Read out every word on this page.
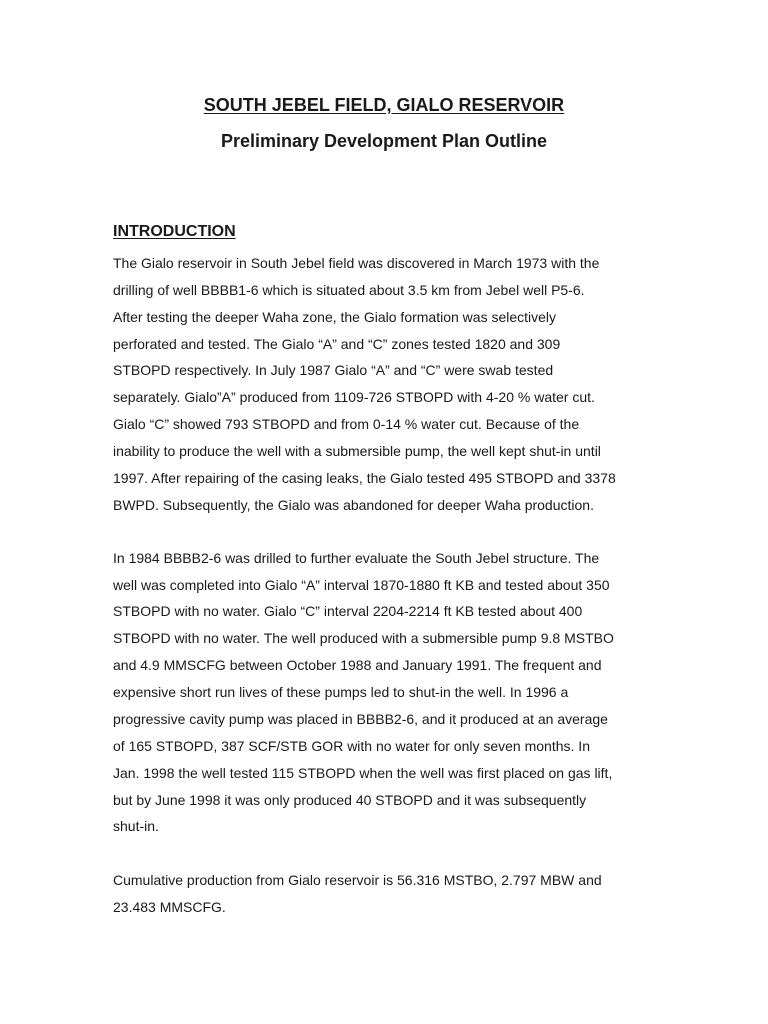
SOUTH JEBEL FIELD, GIALO RESERVOIR
Preliminary Development Plan Outline
INTRODUCTION

The Gialo reservoir in South Jebel field was discovered in March 1973 with the

drilling of well BBBB1-6 which is situated about 3.5 km from Jebel well P5-6.

After testing the deeper Waha zone, the Gialo formation was selectively

perforated and tested. The Gialo “A” and “C” zones tested 1820 and 309

STBOPD respectively. In July 1987 Gialo “A” and “C” were swab tested

separately. Gialo”A” produced from 1109-726 STBOPD with 4-20 % water cut.

Gialo “C” showed 793 STBOPD and from 0-14 % water cut. Because of the

inability to produce the well with a submersible pump, the well kept shut-in until

1997. After repairing of the casing leaks, the Gialo tested 495 STBOPD and 3378

BWPD. Subsequently, the Gialo was abandoned for deeper Waha production.

In 1984 BBBB2-6 was drilled to further evaluate the South Jebel structure. The

well was completed into Gialo “A” interval 1870-1880 ft KB and tested about 350

STBOPD with no water. Gialo “C” interval 2204-2214 ft KB tested about 400

STBOPD with no water. The well produced with a submersible pump 9.8 MSTBO

and 4.9 MMSCFG between October 1988 and January 1991. The frequent and

expensive short run lives of these pumps led to shut-in the well. In 1996 a

progressive cavity pump was placed in BBBB2-6, and it produced at an average

of 165 STBOPD, 387 SCF/STB GOR with no water for only seven months. In

Jan. 1998 the well tested 115 STBOPD when the well was first placed on gas lift,

but by June 1998 it was only produced 40 STBOPD and it was subsequently

shut-in.

Cumulative production from Gialo reservoir is 56.316 MSTBO, 2.797 MBW and

23.483 MMSCFG.
